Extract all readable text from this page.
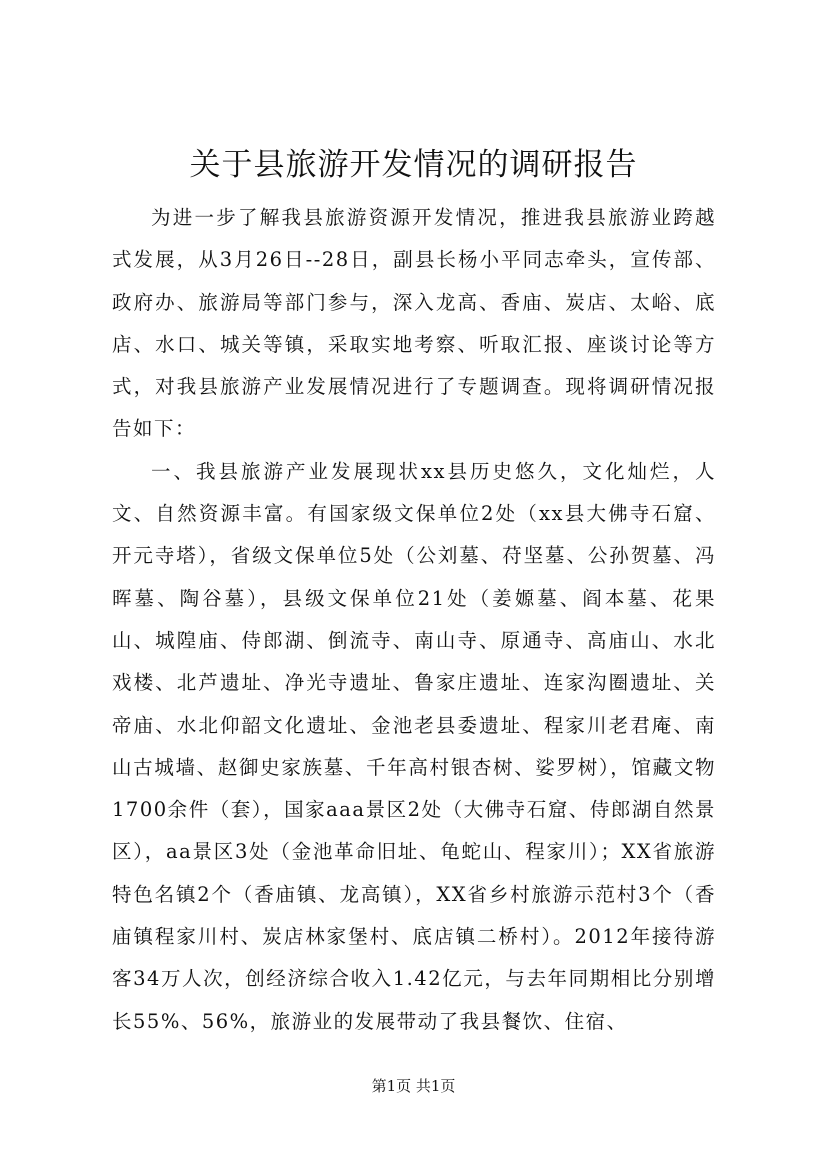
关于县旅游开发情况的调研报告

为进一步了解我县旅游资源开发情况，推进我县旅游业跨越式发展，从3月26日--28日，副县长杨小平同志牵头，宣传部、政府办、旅游局等部门参与，深入龙高、香庙、炭店、太峪、底店、水口、城关等镇，采取实地考察、听取汇报、座谈讨论等方式，对我县旅游产业发展情况进行了专题调查。现将调研情况报告如下：

一、我县旅游产业发展现状xx县历史悠久，文化灿烂，人文、自然资源丰富。有国家级文保单位2处（xx县大佛寺石窟、开元寺塔），省级文保单位5处（公刘墓、苻坚墓、公孙贺墓、冯晖墓、陶谷墓），县级文保单位21处（姜嫄墓、阎本墓、花果山、城隍庙、侍郎湖、倒流寺、南山寺、原通寺、高庙山、水北戏楼、北芦遗址、净光寺遗址、鲁家庄遗址、连家沟圈遗址、关帝庙、水北仰韶文化遗址、金池老县委遗址、程家川老君庵、南山古城墙、赵御史家族墓、千年高村银杏树、娑罗树），馆藏文物1700余件（套），国家aaa景区2处（大佛寺石窟、侍郎湖自然景区），aa景区3处（金池革命旧址、龟蛇山、程家川）；XX省旅游特色名镇2个（香庙镇、龙高镇），XX省乡村旅游示范村3个（香庙镇程家川村、炭店林家堡村、底店镇二桥村）。2012年接待游客34万人次，创经济综合收入1.42亿元，与去年同期相比分别增长55%、56%，旅游业的发展带动了我县餐饮、住宿、

第1页 共1页
